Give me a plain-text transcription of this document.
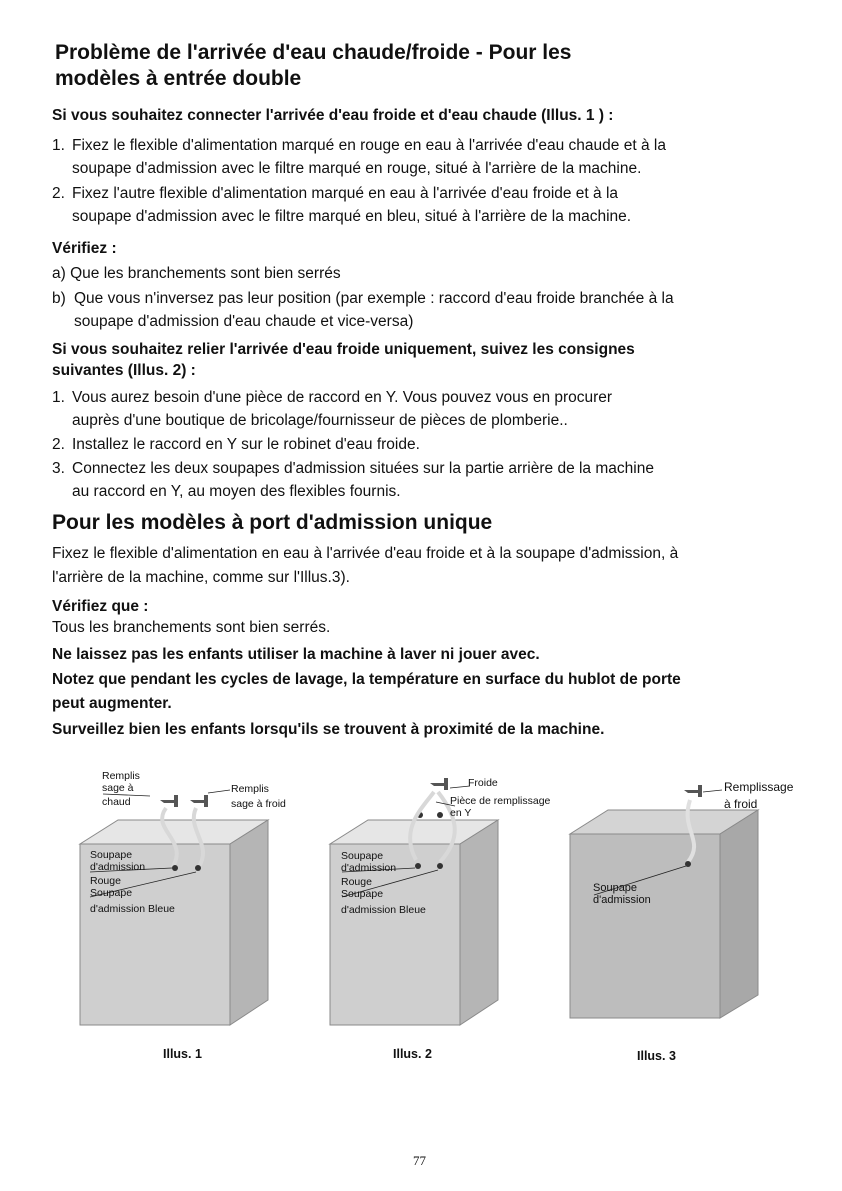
Problème de l'arrivée d'eau chaude/froide - Pour les
modèles à entrée double
Si vous souhaitez connecter l'arrivée d'eau froide et d'eau chaude (Illus. 1 ) :
1. Fixez le flexible d'alimentation marqué en rouge en eau à l'arrivée d'eau chaude et à la
soupape d'admission avec le filtre marqué en rouge, situé à l'arrière de la machine.
2. Fixez l'autre flexible d'alimentation marqué en eau à l'arrivée d'eau froide et à la
soupape d'admission avec le filtre marqué en bleu, situé à l'arrière de la machine.
Vérifiez :
a) Que les branchements sont bien serrés
b) Que vous n'inversez pas leur position (par exemple : raccord d'eau froide branchée à la
soupape d'admission d'eau chaude et vice-versa)
Si vous souhaitez relier l'arrivée d'eau froide uniquement, suivez les consignes
suivantes (Illus. 2) :
1. Vous aurez besoin d'une pièce de raccord en Y. Vous pouvez vous en procurer
auprès d'une boutique de bricolage/fournisseur de pièces de plomberie..
2. Installez le raccord en Y sur le robinet d'eau froide.
3. Connectez les deux soupapes d'admission situées sur la partie arrière de la machine
au raccord en Y, au moyen des flexibles fournis.
Pour les modèles à port d'admission unique
Fixez le flexible d'alimentation en eau à l'arrivée d'eau froide et à la soupape d'admission, à
l'arrière de la machine, comme sur l'Illus.3).
Vérifiez que :
Tous les branchements sont bien serrés.
Ne laissez pas les enfants utiliser la machine à laver ni jouer avec.
Notez que pendant les cycles de lavage, la température en surface du hublot de porte
peut augmenter.
Surveillez bien les enfants lorsqu'ils se trouvent à proximité de la machine.
Remplis
sage à
chaud
Remplis
sage à froid
Soupape
d'admission
Rouge
Soupape
d'admission Bleue
Illus. 1
Froide
Pièce de remplissage
en Y
Soupape
d'admission
Rouge
Soupape
d'admission Bleue
Illus. 2
Remplissage
à froid
Soupape
d'admission
Illus. 3
77
